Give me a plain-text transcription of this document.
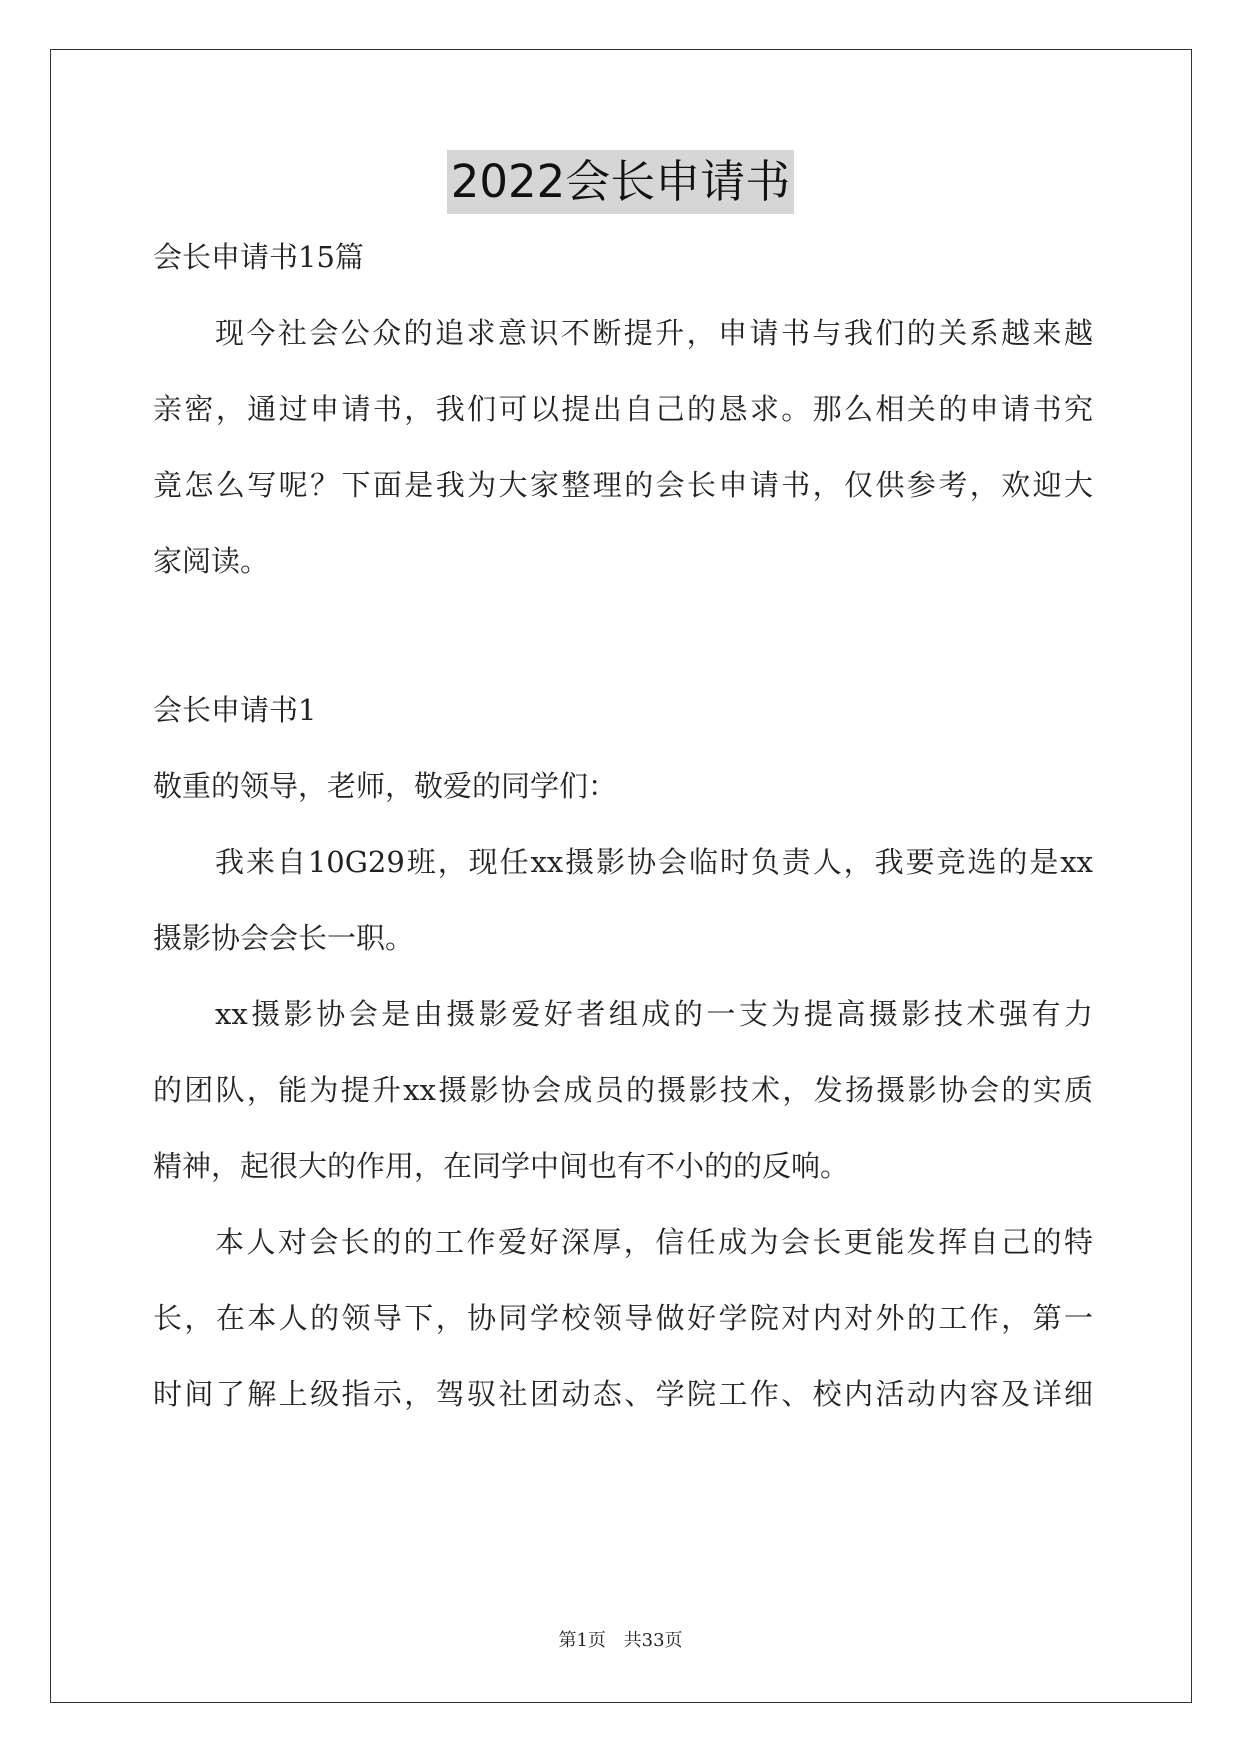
2022会长申请书
会长申请书15篇
现今社会公众的追求意识不断提升，申请书与我们的关系越来越
亲密，通过申请书，我们可以提出自己的恳求。那么相关的申请书究
竟怎么写呢？下面是我为大家整理的会长申请书，仅供参考，欢迎大
家阅读。
会长申请书1
敬重的领导，老师，敬爱的同学们：
我来自10G29班，现任xx摄影协会临时负责人，我要竞选的是xx
摄影协会会长一职。
xx摄影协会是由摄影爱好者组成的一支为提高摄影技术强有力
的团队，能为提升xx摄影协会成员的摄影技术，发扬摄影协会的实质
精神，起很大的作用，在同学中间也有不小的的反响。
本人对会长的的工作爱好深厚，信任成为会长更能发挥自己的特
长，在本人的领导下，协同学校领导做好学院对内对外的工作，第一
时间了解上级指示，驾驭社团动态、学院工作、校内活动内容及详细
第1页 共33页
